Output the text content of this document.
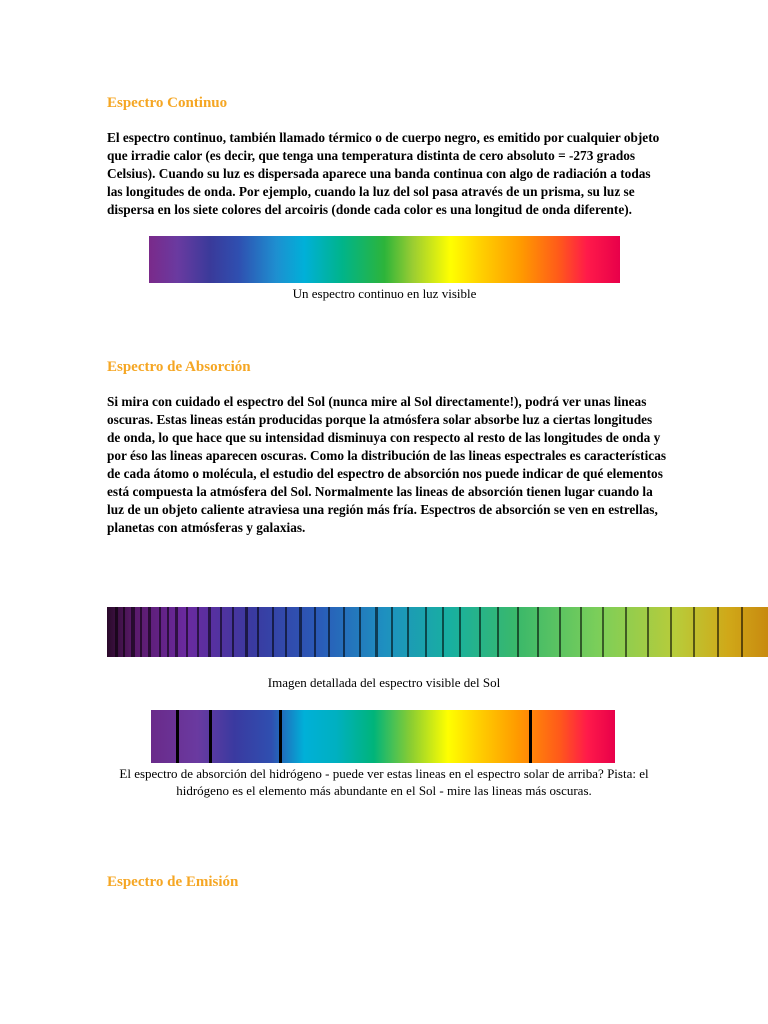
Espectro Continuo

El espectro continuo, también llamado térmico o de cuerpo negro, es emitido por cualquier objeto que irradie calor (es decir, que tenga una temperatura distinta de cero absoluto = -273 grados Celsius). Cuando su luz es dispersada aparece una banda continua con algo de radiación a todas las longitudes de onda. Por ejemplo, cuando la luz del sol pasa através de un prisma, su luz se dispersa en los siete colores del arcoiris (donde cada color es una longitud de onda diferente).

Un espectro continuo en luz visible

Espectro de Absorción

Si mira con cuidado el espectro del Sol (nunca mire al Sol directamente!), podrá ver unas lineas oscuras. Estas lineas están producidas porque la atmósfera solar absorbe luz a ciertas longitudes de onda, lo que hace que su intensidad disminuya con respecto al resto de las longitudes de onda y por éso las lineas aparecen oscuras. Como la distribución de las lineas espectrales es características de cada átomo o molécula, el estudio del espectro de absorción nos puede indicar de qué elementos está compuesta la atmósfera del Sol. Normalmente las lineas de absorción tienen lugar cuando la luz de un objeto caliente atraviesa una región más fría. Espectros de absorción se ven en estrellas, planetas con atmósferas y galaxias.

Imagen detallada del espectro visible del Sol

El espectro de absorción del hidrógeno - puede ver estas lineas en el espectro solar de arriba? Pista: el hidrógeno es el elemento más abundante en el Sol - mire las lineas más oscuras.

Espectro de Emisión
